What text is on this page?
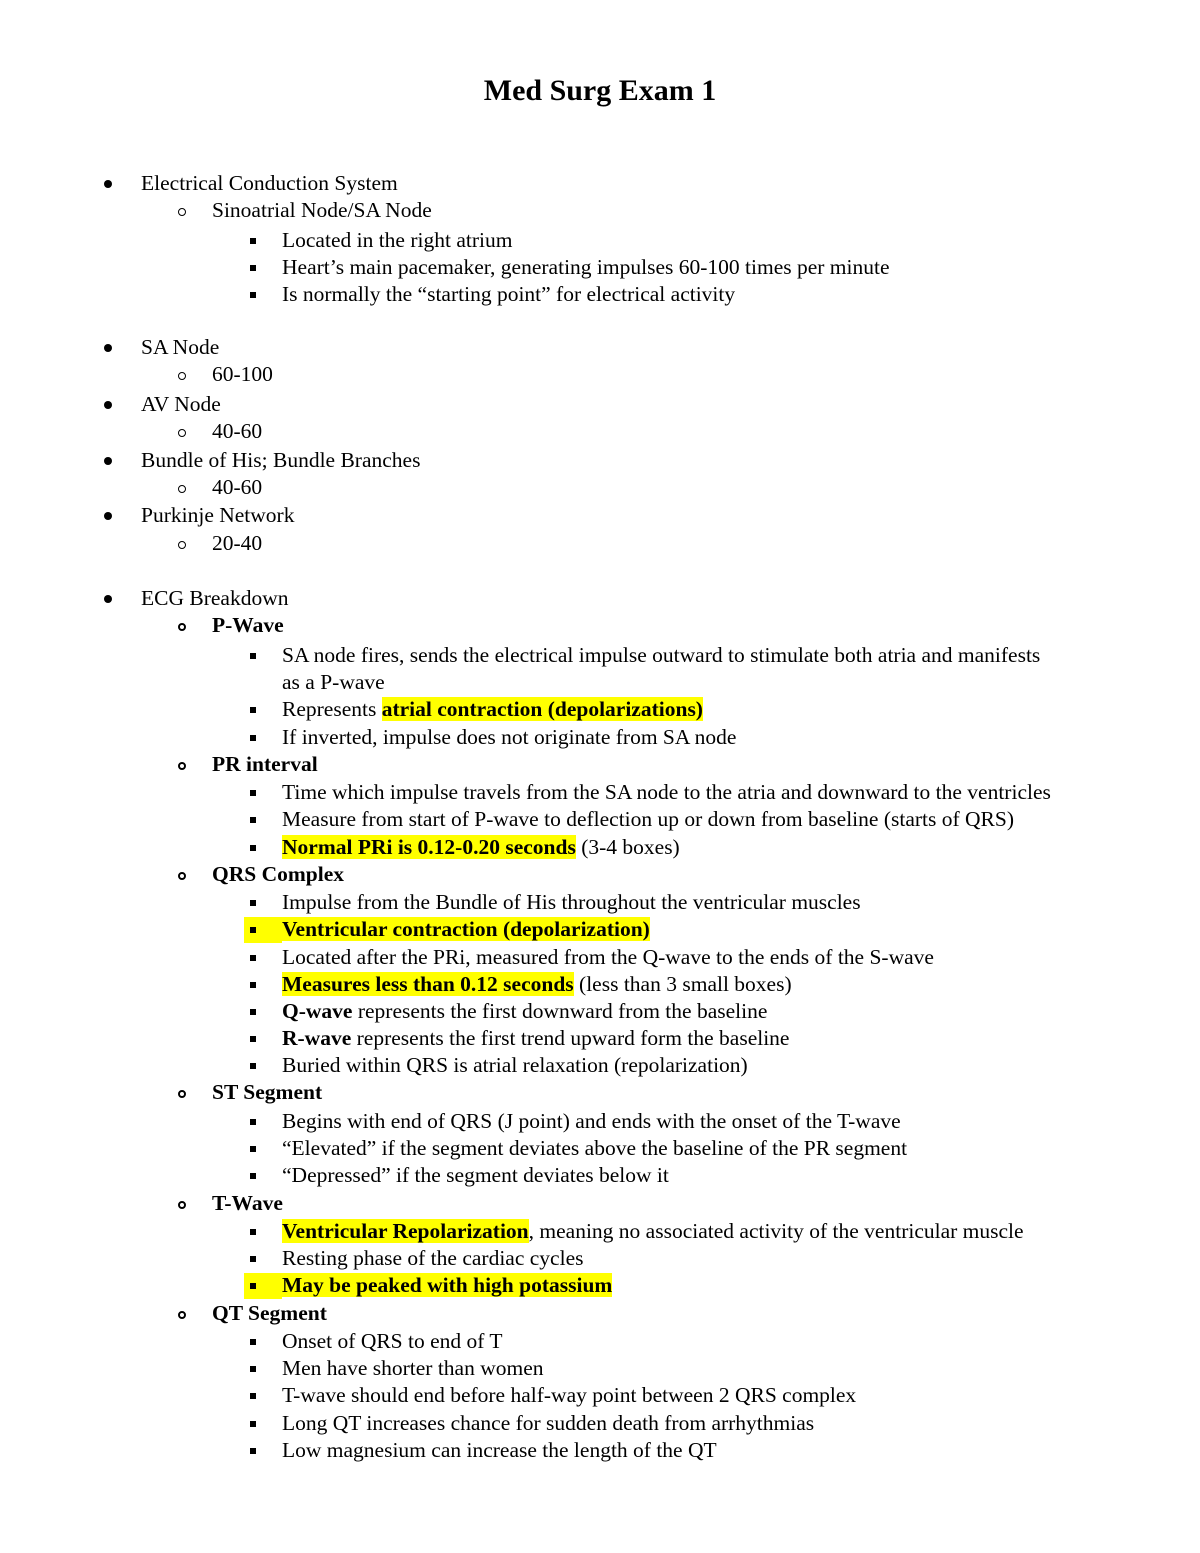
Med Surg Exam 1
Electrical Conduction System
Sinoatrial Node/SA Node
Located in the right atrium
Heart’s main pacemaker, generating impulses 60-100 times per minute
Is normally the “starting point” for electrical activity
SA Node
60-100
AV Node
40-60
Bundle of His; Bundle Branches
40-60
Purkinje Network
20-40
ECG Breakdown
P-Wave
SA node fires, sends the electrical impulse outward to stimulate both atria and manifests
as a P-wave
Represents atrial contraction (depolarizations)
If inverted, impulse does not originate from SA node
PR interval
Time which impulse travels from the SA node to the atria and downward to the ventricles
Measure from start of P-wave to deflection up or down from baseline (starts of QRS)
Normal PRi is 0.12-0.20 seconds (3-4 boxes)
QRS Complex
Impulse from the Bundle of His throughout the ventricular muscles
Ventricular contraction (depolarization)
Located after the PRi, measured from the Q-wave to the ends of the S-wave
Measures less than 0.12 seconds (less than 3 small boxes)
Q-wave represents the first downward from the baseline
R-wave represents the first trend upward form the baseline
Buried within QRS is atrial relaxation (repolarization)
ST Segment
Begins with end of QRS (J point) and ends with the onset of the T-wave
“Elevated” if the segment deviates above the baseline of the PR segment
“Depressed” if the segment deviates below it
T-Wave
Ventricular Repolarization, meaning no associated activity of the ventricular muscle
Resting phase of the cardiac cycles
May be peaked with high potassium
QT Segment
Onset of QRS to end of T
Men have shorter than women
T-wave should end before half-way point between 2 QRS complex
Long QT increases chance for sudden death from arrhythmias
Low magnesium can increase the length of the QT
